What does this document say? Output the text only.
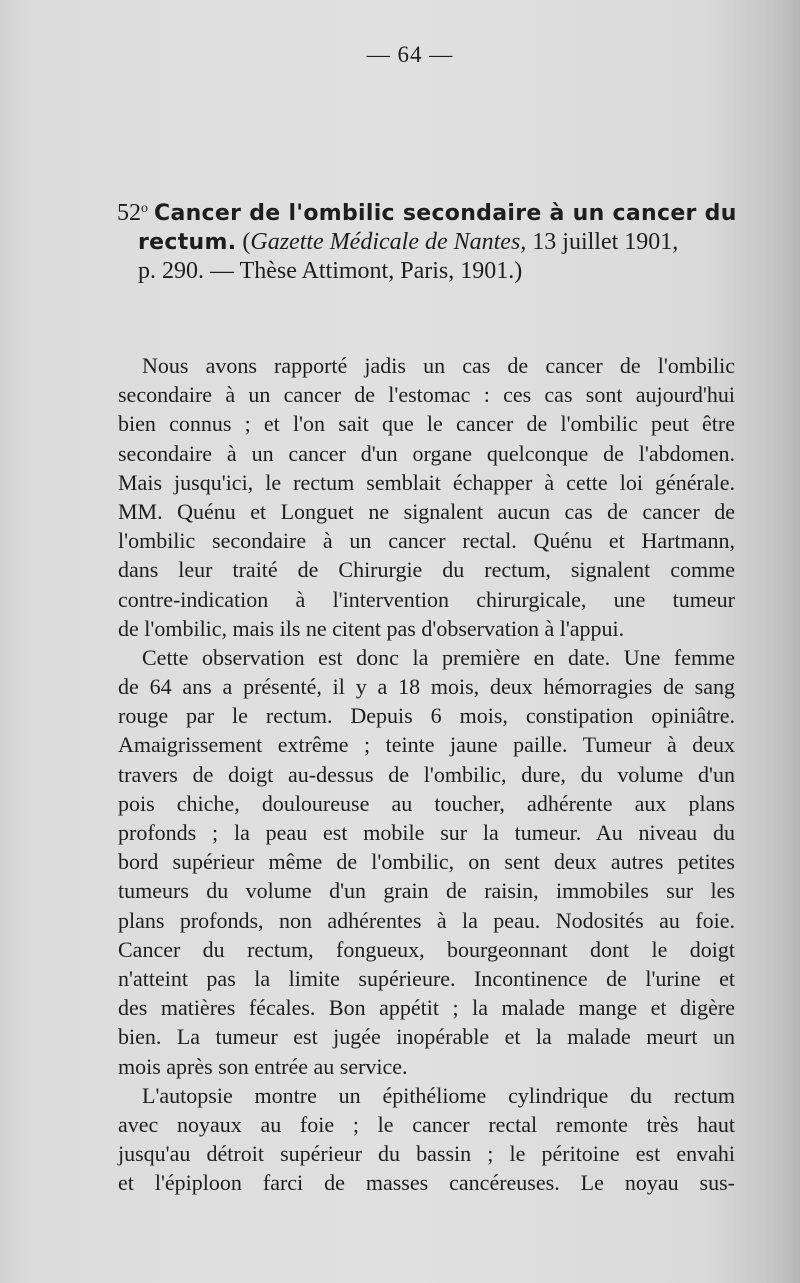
— 64 —
52$^o$ Cancer de l'ombilic secondaire à un cancer du
rectum. (Gazette Médicale de Nantes, 13 juillet 1901,
p. 290. — Thèse Attimont, Paris, 1901.)
Nous avons rapporté jadis un cas de cancer de l'ombilic
secondaire à un cancer de l'estomac : ces cas sont aujourd'hui
bien connus ; et l'on sait que le cancer de l'ombilic peut être
secondaire à un cancer d'un organe quelconque de l'abdomen.
Mais jusqu'ici, le rectum semblait échapper à cette loi générale.
MM. Quénu et Longuet ne signalent aucun cas de cancer de
l'ombilic secondaire à un cancer rectal. Quénu et Hartmann,
dans leur traité de Chirurgie du rectum, signalent comme
contre-indication à l'intervention chirurgicale, une tumeur
de l'ombilic, mais ils ne citent pas d'observation à l'appui.
Cette observation est donc la première en date. Une femme
de 64 ans a présenté, il y a 18 mois, deux hémorragies de sang
rouge par le rectum. Depuis 6 mois, constipation opiniâtre.
Amaigrissement extrême ; teinte jaune paille. Tumeur à deux
travers de doigt au-dessus de l'ombilic, dure, du volume d'un
pois chiche, douloureuse au toucher, adhérente aux plans
profonds ; la peau est mobile sur la tumeur. Au niveau du
bord supérieur même de l'ombilic, on sent deux autres petites
tumeurs du volume d'un grain de raisin, immobiles sur les
plans profonds, non adhérentes à la peau. Nodosités au foie.
Cancer du rectum, fongueux, bourgeonnant dont le doigt
n'atteint pas la limite supérieure. Incontinence de l'urine et
des matières fécales. Bon appétit ; la malade mange et digère
bien. La tumeur est jugée inopérable et la malade meurt un
mois après son entrée au service.
L'autopsie montre un épithéliome cylindrique du rectum
avec noyaux au foie ; le cancer rectal remonte très haut
jusqu'au détroit supérieur du bassin ; le péritoine est envahi
et l'épiploon farci de masses cancéreuses. Le noyau sus-
